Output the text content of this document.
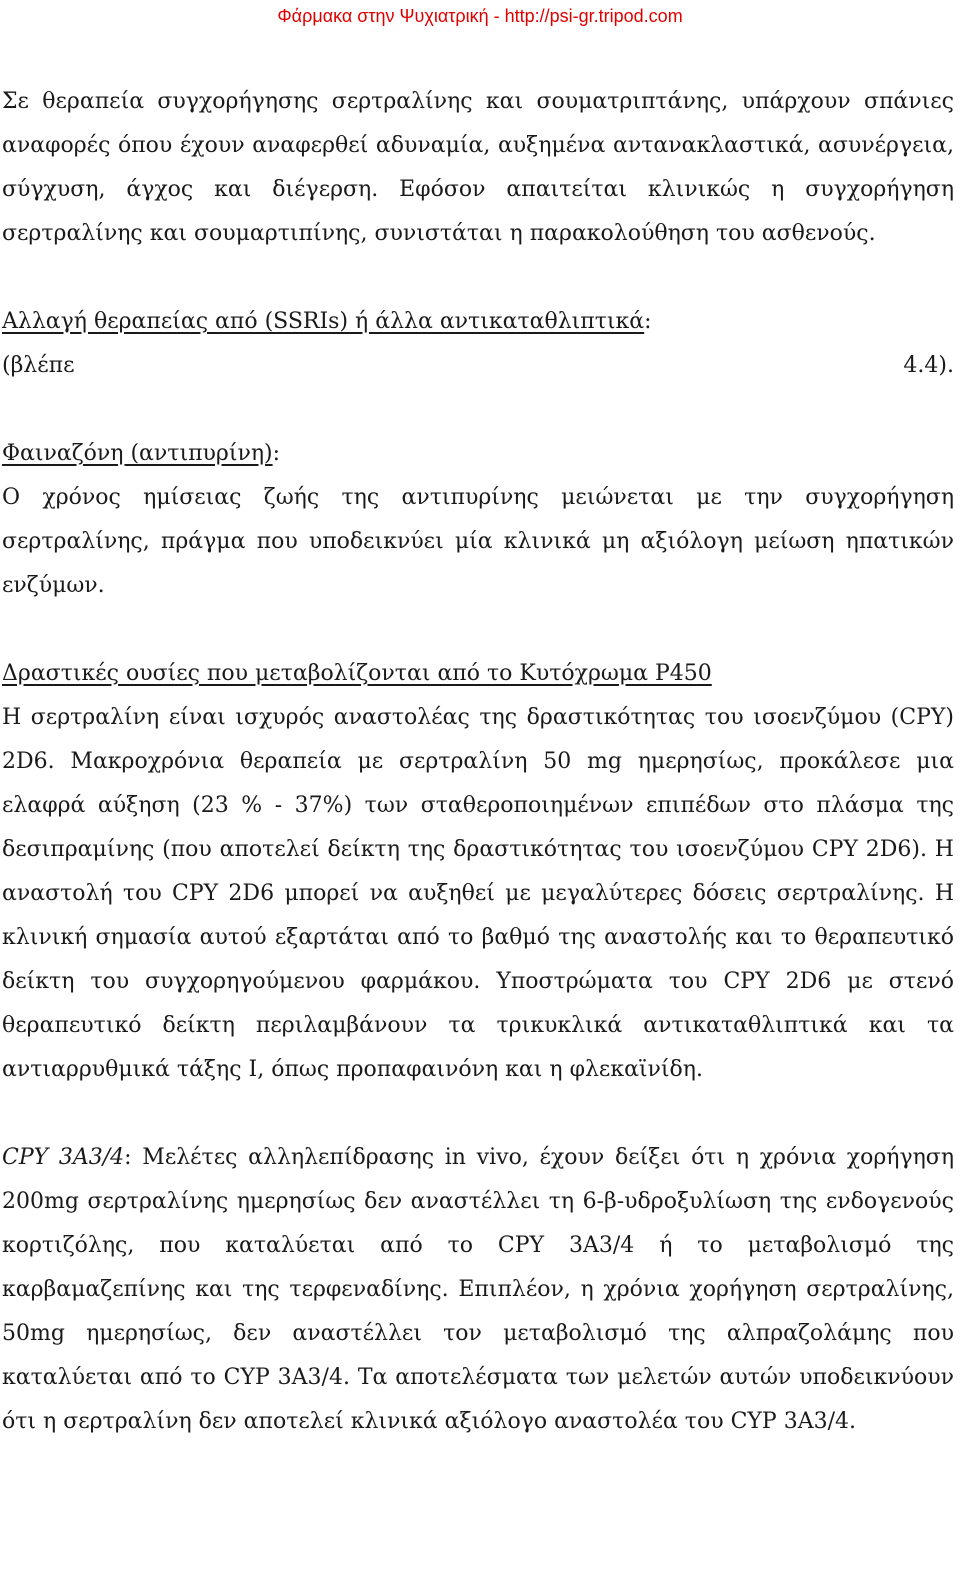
Φάρμακα στην Ψυχιατρική - http://psi-gr.tripod.com

Σε θεραπεία συγχορήγησης σερτραλίνης και σουματριπτάνης, υπάρχουν σπάνιες αναφορές όπου έχουν αναφερθεί αδυναμία, αυξημένα αντανακλαστικά, ασυνέργεια, σύγχυση, άγχος και διέγερση. Εφόσον απαιτείται κλινικώς η συγχορήγηση σερτραλίνης και σουμαρτιπίνης, συνιστάται η παρακολούθηση του ασθενούς.

Αλλαγή θεραπείας από (SSRIs) ή άλλα αντικαταθλιπτικά:

(βλέπε	4.4).

Φαιναζόνη (αντιπυρίνη):

Ο χρόνος ημίσειας ζωής της αντιπυρίνης μειώνεται με την συγχορήγηση σερτραλίνης, πράγμα που υποδεικνύει μία κλινικά μη αξιόλογη μείωση ηπατικών ενζύμων.

Δραστικές ουσίες που μεταβολίζονται από το Κυτόχρωμα P450

Η σερτραλίνη είναι ισχυρός αναστολέας της δραστικότητας του ισοενζύμου (CPY) 2D6. Μακροχρόνια θεραπεία με σερτραλίνη 50 mg ημερησίως, προκάλεσε μια ελαφρά αύξηση (23 % - 37%) των σταθεροποιημένων επιπέδων στο πλάσμα της δεσιπραμίνης (που αποτελεί δείκτη της δραστικότητας του ισοενζύμου CPY 2D6). Η αναστολή του CPY 2D6 μπορεί να αυξηθεί με μεγαλύτερες δόσεις σερτραλίνης. Η κλινική σημασία αυτού εξαρτάται από το βαθμό της αναστολής και το θεραπευτικό δείκτη του συγχορηγούμενου φαρμάκου. Υποστρώματα του CPY 2D6 με στενό θεραπευτικό δείκτη περιλαμβάνουν τα τρικυκλικά αντικαταθλιπτικά και τα αντιαρρυθμικά τάξης Ι, όπως προπαφαινόνη και η φλεκαϊνίδη.

CPY 3A3/4: Μελέτες αλληλεπίδρασης in vivo, έχουν δείξει ότι η χρόνια χορήγηση 200mg σερτραλίνης ημερησίως δεν αναστέλλει τη 6-β-υδροξυλίωση της ενδογενούς κορτιζόλης, που καταλύεται από το CPY 3A3/4 ή το μεταβολισμό της καρβαμαζεπίνης και της τερφεναδίνης. Επιπλέον, η χρόνια χορήγηση σερτραλίνης, 50mg ημερησίως, δεν αναστέλλει τον μεταβολισμό της αλπραζολάμης που καταλύεται από το CYP 3A3/4. Τα αποτελέσματα των μελετών αυτών υποδεικνύουν ότι η σερτραλίνη δεν αποτελεί κλινικά αξιόλογο αναστολέα του CYP 3A3/4.
